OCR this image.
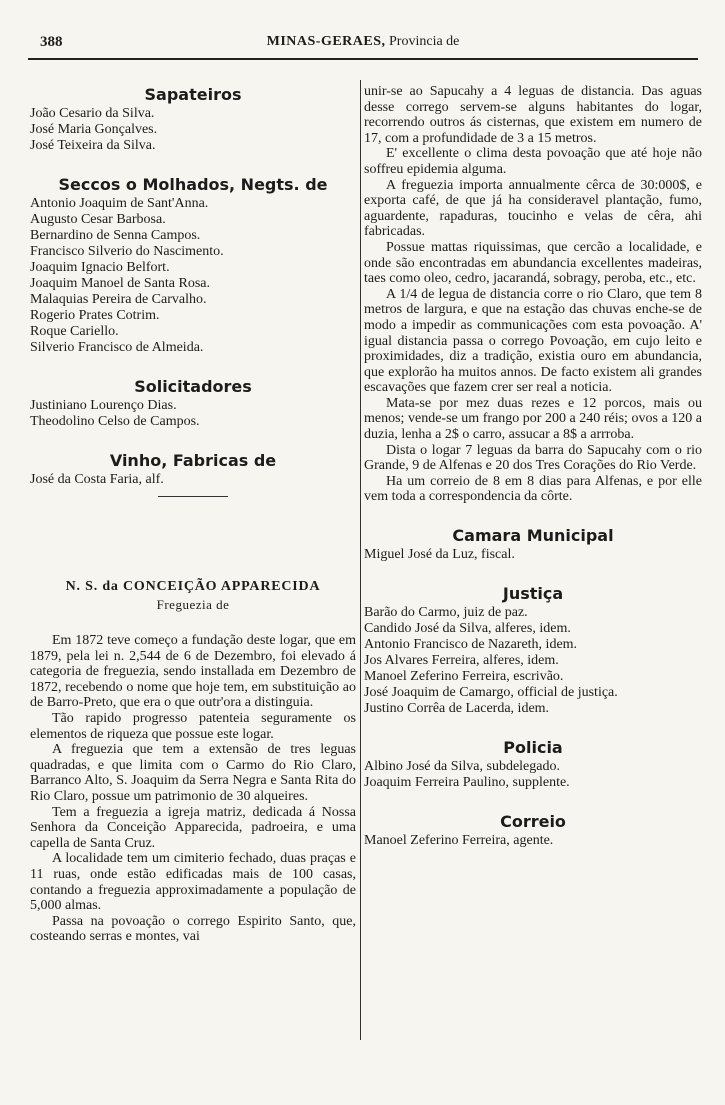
388	MINAS-GERAES, Provincia de
Sapateiros
João Cesario da Silva.
José Maria Gonçalves.
José Teixeira da Silva.
Seccos o Molhados, Negts. de
Antonio Joaquim de Sant'Anna.
Augusto Cesar Barbosa.
Bernardino de Senna Campos.
Francisco Silverio do Nascimento.
Joaquim Ignacio Belfort.
Joaquim Manoel de Santa Rosa.
Malaquias Pereira de Carvalho.
Rogerio Prates Cotrim.
Roque Cariello.
Silverio Francisco de Almeida.
Solicitadores
Justiniano Lourenço Dias.
Theodolino Celso de Campos.
Vinho, Fabricas de
José da Costa Faria, alf.
N. S. da CONCEIÇÃO APPARECIDA
Freguezia de

Em 1872 teve começo a fundação deste logar, que em 1879, pela lei n. 2,544 de 6 de Dezembro, foi elevado á categoria de freguezia, sendo installada em Dezembro de 1872, recebendo o nome que hoje tem, em substituição ao de Barro-Preto, que era o que outr'ora a distinguia.

Tão rapido progresso patenteia seguramente os elementos de riqueza que possue este logar.

A freguezia que tem a extensão de tres leguas quadradas, e que limita com o Carmo do Rio Claro, Barranco Alto, S. Joaquim da Serra Negra e Santa Rita do Rio Claro, possue um patrimonio de 30 alqueires.

Tem a freguezia a igreja matriz, dedicada á Nossa Senhora da Conceição Apparecida, padroeira, e uma capella de Santa Cruz.

A localidade tem um cimiterio fechado, duas praças e 11 ruas, onde estão edificadas mais de 100 casas, contando a freguezia approximadamente a população de 5,000 almas.

Passa na povoação o corrego Espirito Santo, que, costeando serras e montes, vai

unir-se ao Sapucahy a 4 leguas de distancia. Das aguas desse corrego servem-se alguns habitantes do logar, recorrendo outros ás cisternas, que existem em numero de 17, com a profundidade de 3 a 15 metros.

E' excellente o clima desta povoação que até hoje não soffreu epidemia alguma.

A freguezia importa annualmente cêrca de 30:000$, e exporta café, de que já ha consideravel plantação, fumo, aguardente, rapaduras, toucinho e velas de cêra, ahi fabricadas.

Possue mattas riquissimas, que cercão a localidade, e onde são encontradas em abundancia excellentes madeiras, taes como oleo, cedro, jacarandá, sobragy, peroba, etc., etc.

A 1/4 de legua de distancia corre o rio Claro, que tem 8 metros de largura, e que na estação das chuvas enche-se de modo a impedir as communicações com esta povoação. A' igual distancia passa o corrego Povoação, em cujo leito e proximidades, diz a tradição, existia ouro em abundancia, que explorão ha muitos annos. De facto existem ali grandes escavações que fazem crer ser real a noticia.

Mata-se por mez duas rezes e 12 porcos, mais ou menos; vende-se um frango por 200 a 240 réis; ovos a 120 a duzia, lenha a 2$ o carro, assucar a 8$ a arrroba.

Dista o logar 7 leguas da barra do Sapucahy com o rio Grande, 9 de Alfenas e 20 dos Tres Corações do Rio Verde.

Ha um correio de 8 em 8 dias para Alfenas, e por elle vem toda a correspondencia da côrte.

Camara Municipal
Miguel José da Luz, fiscal.
Justiça
Barão do Carmo, juiz de paz.
Candido José da Silva, alferes, idem.
Antonio Francisco de Nazareth, idem.
Jos Alvares Ferreira, alferes, idem.
Manoel Zeferino Ferreira, escrivão.
José Joaquim de Camargo, official de justiça.
Justino Corrêa de Lacerda, idem.
Policia
Albino José da Silva, subdelegado.
Joaquim Ferreira Paulino, supplente.
Correio
Manoel Zeferino Ferreira, agente.
